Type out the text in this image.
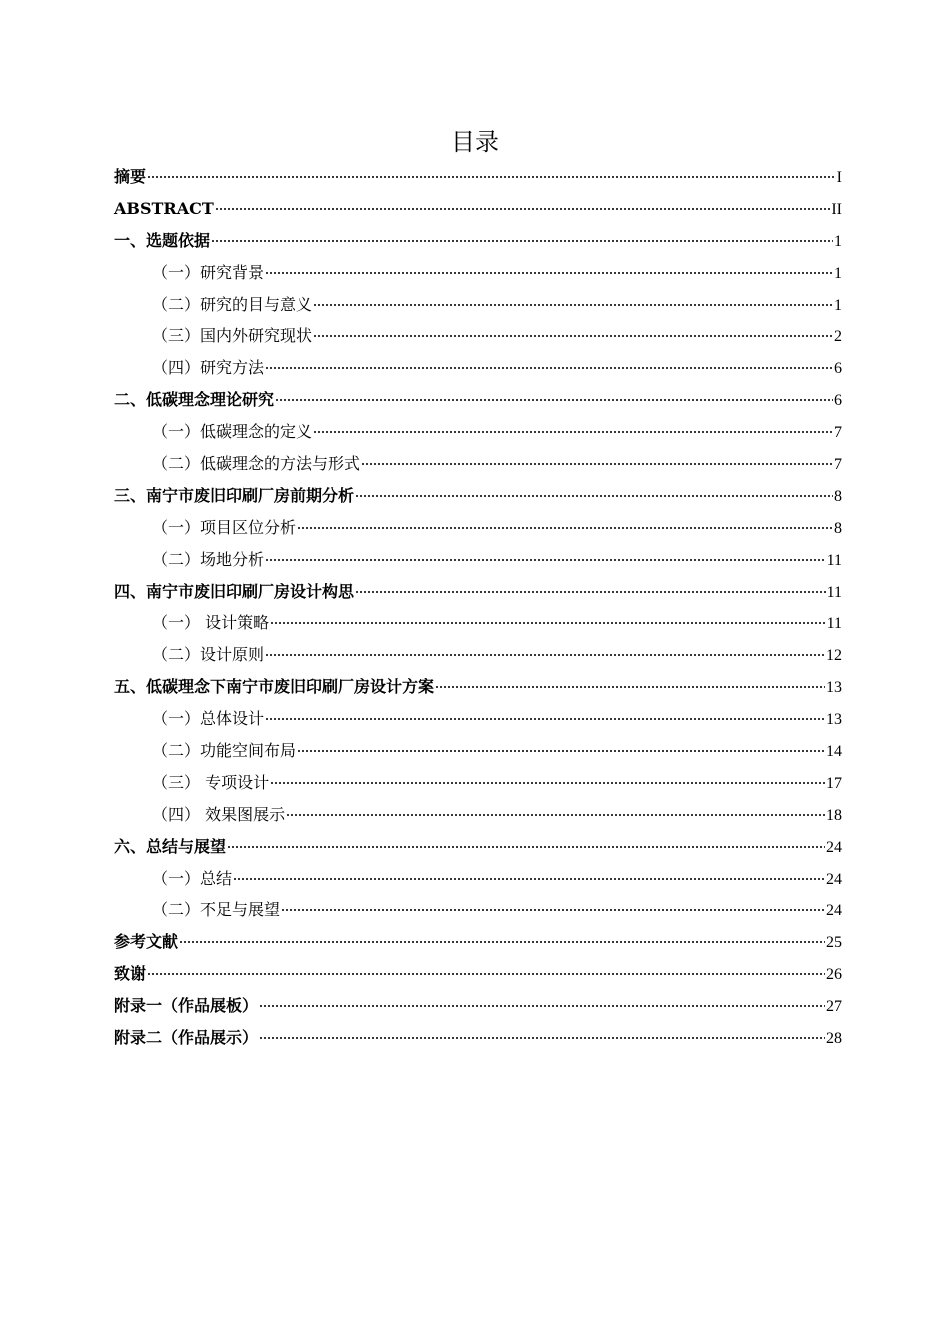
目录
摘要	I
ABSTRACT	II
一、选题依据	1
（一）研究背景	1
（二）研究的目与意义	1
（三）国内外研究现状	2
（四）研究方法	6
二、低碳理念理论研究	6
（一）低碳理念的定义	7
（二）低碳理念的方法与形式	7
三、南宁市废旧印刷厂房前期分析	8
（一）项目区位分析	8
（二）场地分析	11
四、南宁市废旧印刷厂房设计构思	11
（一） 设计策略	11
（二）设计原则	12
五、低碳理念下南宁市废旧印刷厂房设计方案	13
（一）总体设计	13
（二）功能空间布局	14
（三） 专项设计	17
（四） 效果图展示	18
六、总结与展望	24
（一）总结	24
（二）不足与展望	24
参考文献	25
致谢	26
附录一（作品展板）	27
附录二（作品展示）	28
